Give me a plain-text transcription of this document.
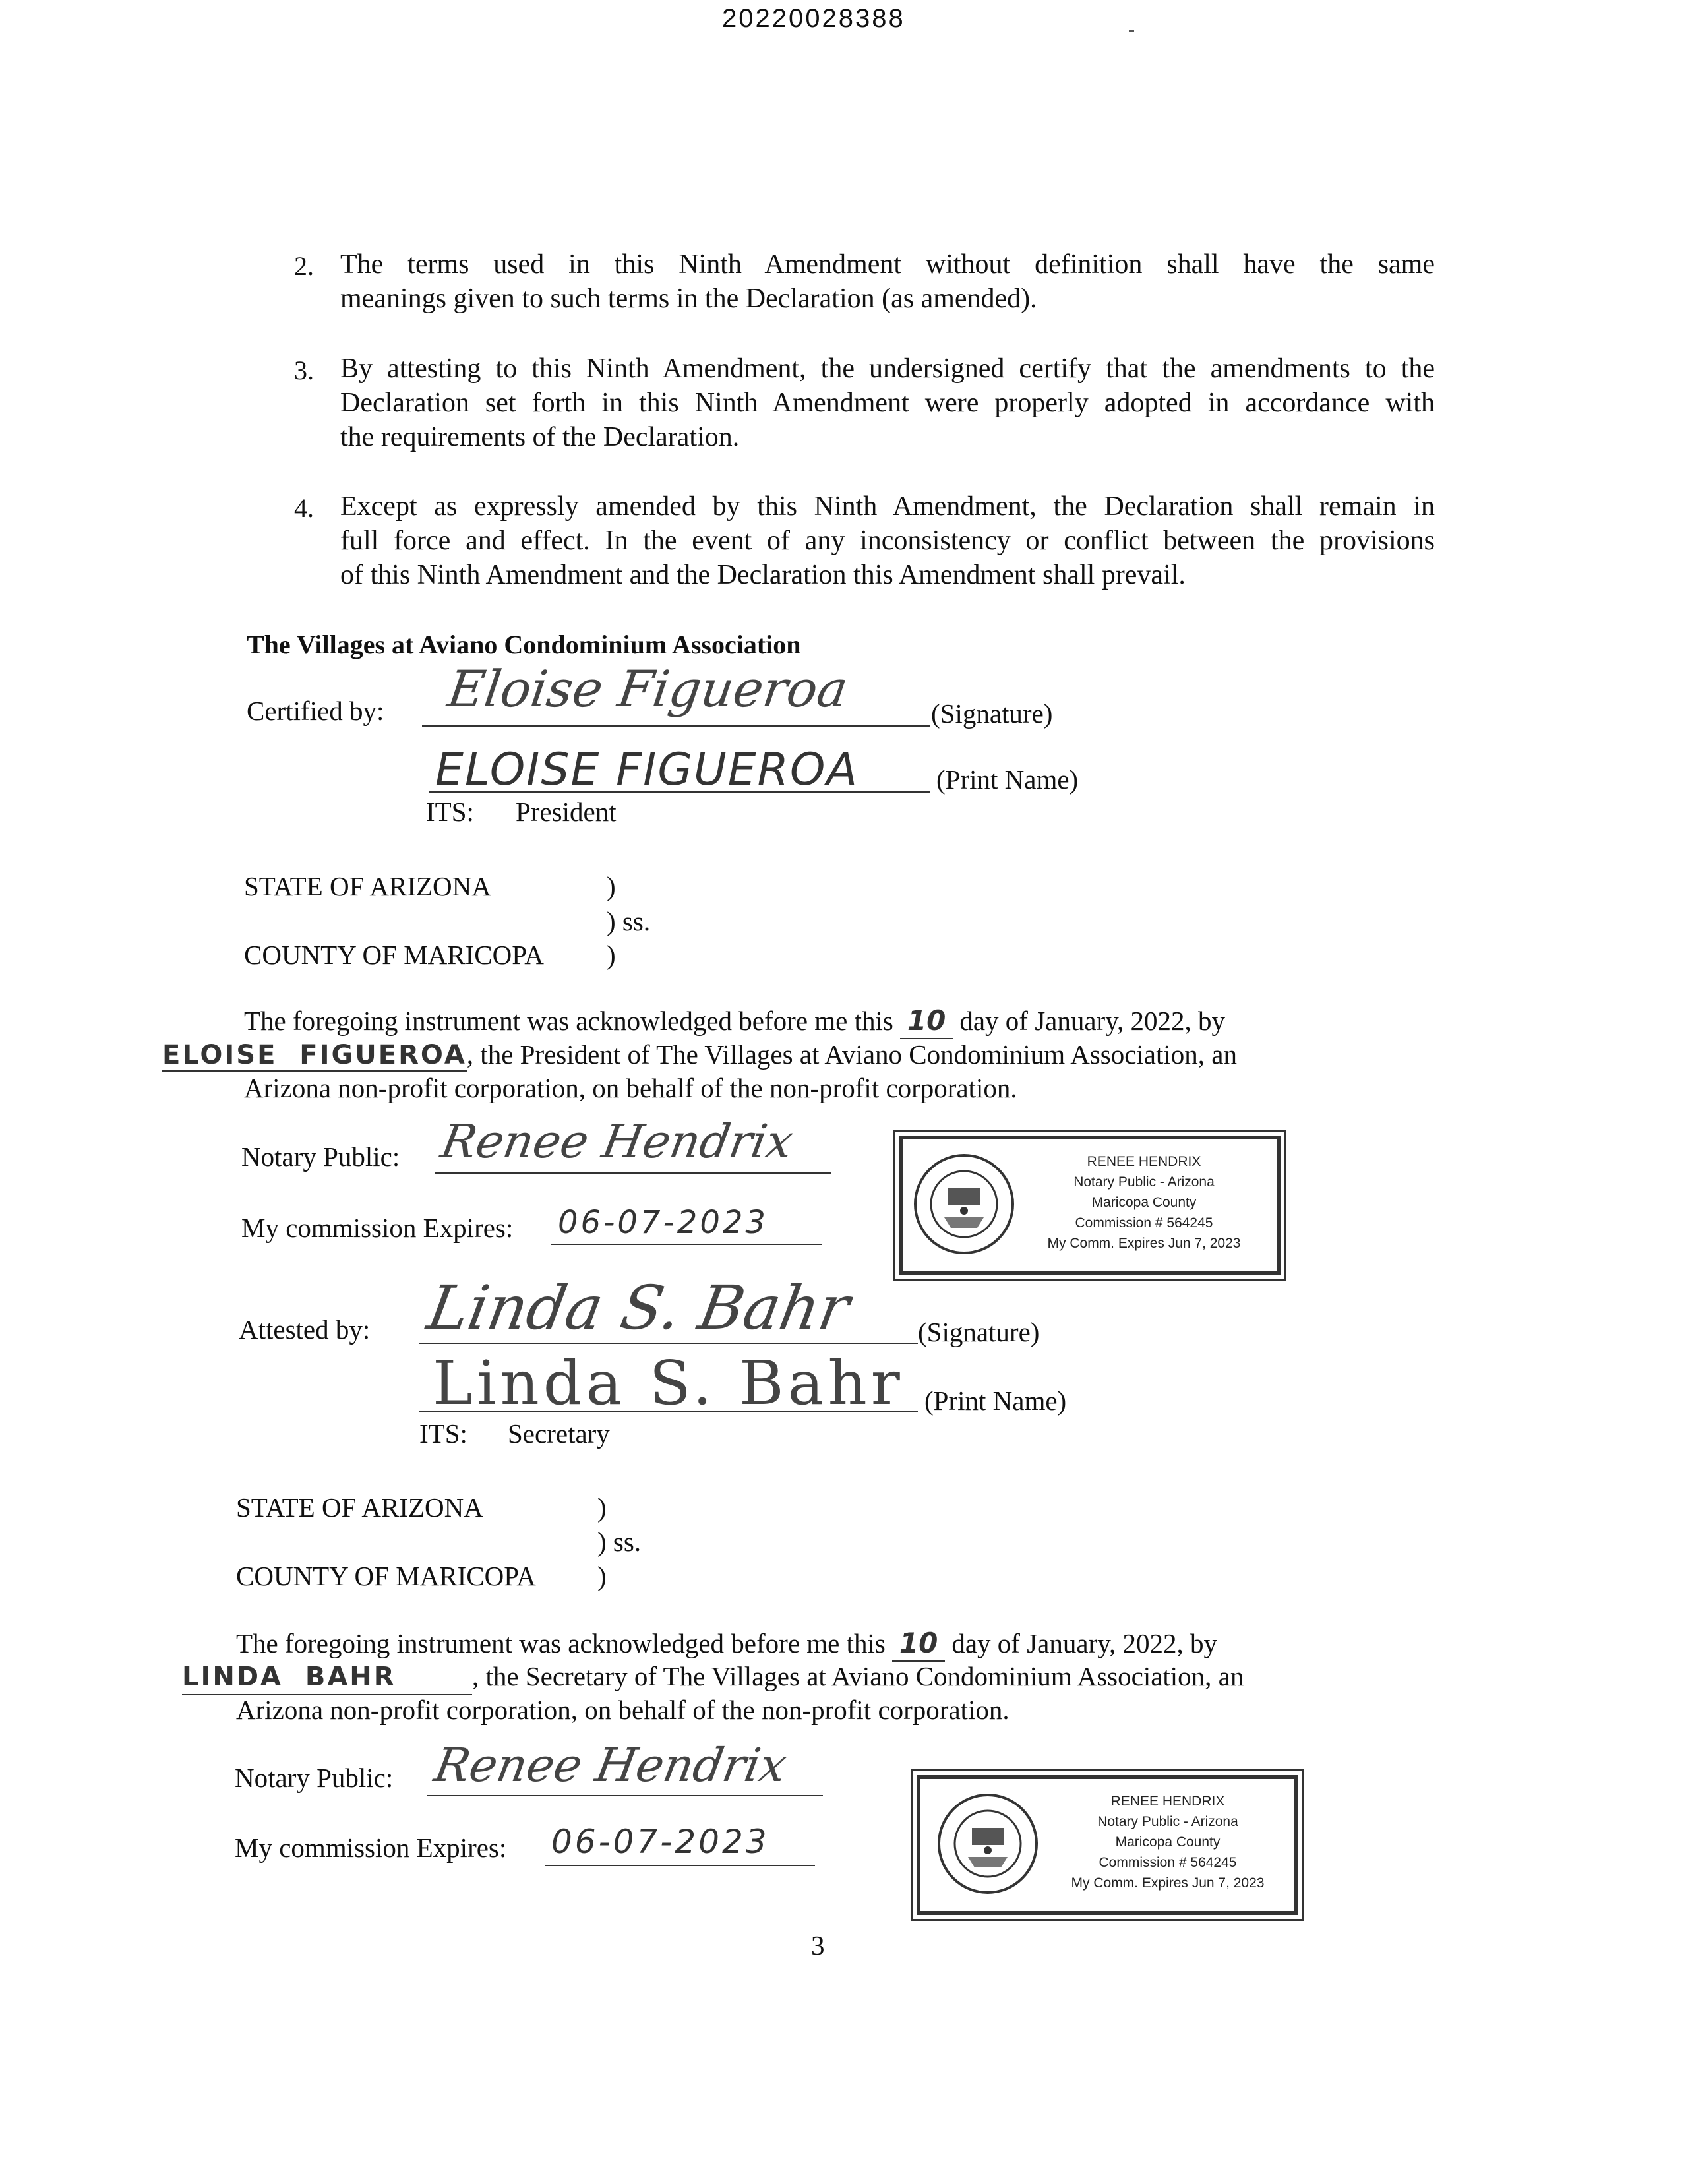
20220028388
2. The terms used in this Ninth Amendment without definition shall have the same
meanings given to such terms in the Declaration (as amended).
3. By attesting to this Ninth Amendment, the undersigned certify that the amendments to the
Declaration set forth in this Ninth Amendment were properly adopted in accordance with
the requirements of the Declaration.
4. Except as expressly amended by this Ninth Amendment, the Declaration shall remain in
full force and effect. In the event of any inconsistency or conflict between the provisions
of this Ninth Amendment and the Declaration this Amendment shall prevail.
The Villages at Aviano Condominium Association
Certified by: Eloise Figueroa	(Signature)
ELOISE FIGUEROA	(Print Name)
ITS: President
STATE OF ARIZONA	)
) ss.
COUNTY OF MARICOPA )
The foregoing instrument was acknowledged before me this 10 day of January, 2022, by
ELOISE  FIGUEROA, the President of The Villages at Aviano Condominium Association, an
Arizona non-profit corporation, on behalf of the non-profit corporation.
Notary Public: Renee Hendrix
My commission Expires: 06-07-2023
RENEE HENDRIX
Notary Public - Arizona
Maricopa County
Commission # 564245
My Comm. Expires Jun 7, 2023
Attested by: Linda S. Bahr (Signature)
Linda S. Bahr (Print Name)
ITS: Secretary
STATE OF ARIZONA	)
) ss.
COUNTY OF MARICOPA )
The foregoing instrument was acknowledged before me this 10 day of January, 2022, by
LINDA  BAHR	, the Secretary of The Villages at Aviano Condominium Association, an
Arizona non-profit corporation, on behalf of the non-profit corporation.
Notary Public: Renee Hendrix
My commission Expires: 06-07-2023
RENEE HENDRIX
Notary Public - Arizona
Maricopa County
Commission # 564245
My Comm. Expires Jun 7, 2023
3
